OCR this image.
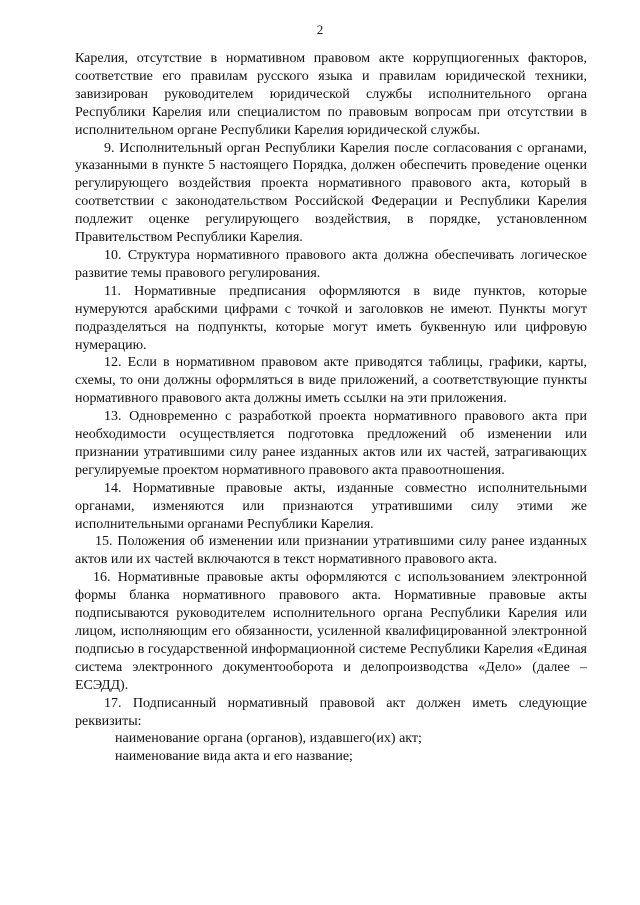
2

Карелия, отсутствие в нормативном правовом акте коррупциогенных факторов, соответствие его правилам русского языка и правилам юридической техники, завизирован руководителем юридической службы исполнительного органа Республики Карелия или специалистом по правовым вопросам при отсутствии в исполнительном органе Республики Карелия юридической службы.

9. Исполнительный орган Республики Карелия после согласования с органами, указанными в пункте 5 настоящего Порядка, должен обеспечить проведение оценки регулирующего воздействия проекта нормативного правового акта, который в соответствии с законодательством Российской Федерации и Республики Карелия подлежит оценке регулирующего воздействия, в порядке, установленном Правительством Республики Карелия.

10. Структура нормативного правового акта должна обеспечивать логическое развитие темы правового регулирования.

11. Нормативные предписания оформляются в виде пунктов, которые нумеруются арабскими цифрами с точкой и заголовков не имеют. Пункты могут подразделяться на подпункты, которые могут иметь буквенную или цифровую нумерацию.

12. Если в нормативном правовом акте приводятся таблицы, графики, карты, схемы, то они должны оформляться в виде приложений, а соответствующие пункты нормативного правового акта должны иметь ссылки на эти приложения.

13. Одновременно с разработкой проекта нормативного правового акта при необходимости осуществляется подготовка предложений об изменении или признании утратившими силу ранее изданных актов или их частей, затрагивающих регулируемые проектом нормативного правового акта правоотношения.

14. Нормативные правовые акты, изданные совместно исполнительными органами, изменяются или признаются утратившими силу этими же исполнительными органами Республики Карелия.

15. Положения об изменении или признании утратившими силу ранее изданных актов или их частей включаются в текст нормативного правового акта.

16. Нормативные правовые акты оформляются с использованием электронной формы бланка нормативного правового акта. Нормативные правовые акты подписываются руководителем исполнительного органа Республики Карелия или лицом, исполняющим его обязанности, усиленной квалифицированной электронной подписью в государственной информационной системе Республики Карелия «Единая система электронного документооборота и делопроизводства «Дело» (далее – ЕСЭДД).

17. Подписанный нормативный правовой акт должен иметь следующие реквизиты:

наименование органа (органов), издавшего(их) акт;

наименование вида акта и его название;
